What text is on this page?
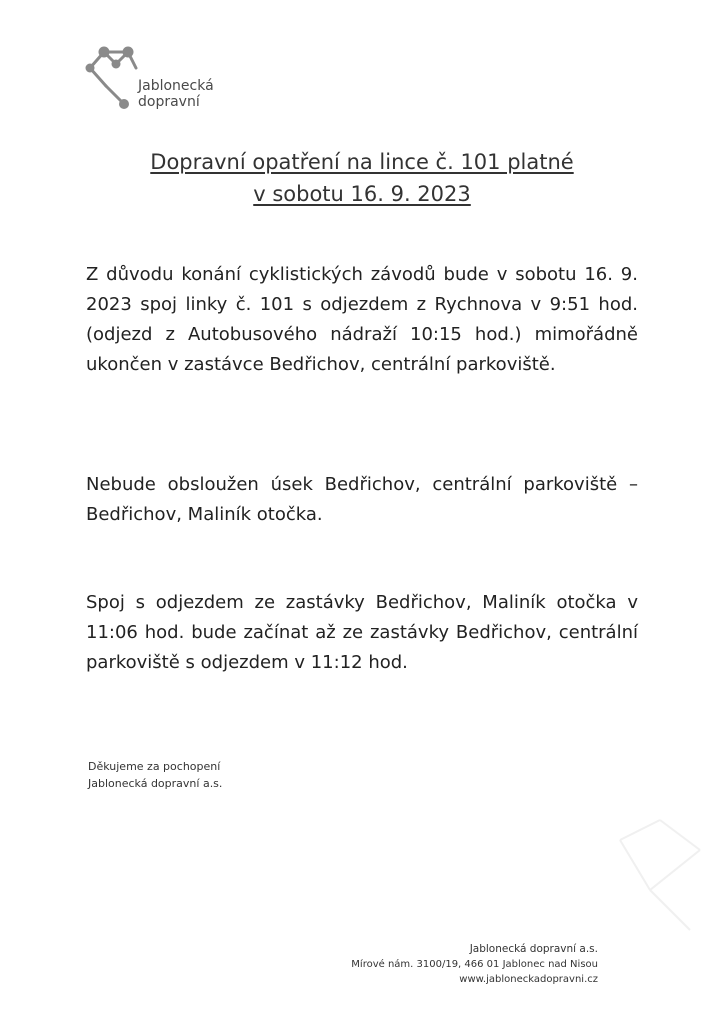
Jablonecká
dopravní
Dopravní opatření na lince č. 101 platné
v sobotu 16. 9. 2023
Z důvodu konání cyklistických závodů bude v sobotu 16. 9. 2023 spoj linky č. 101 s odjezdem z Rychnova v 9:51 hod. (odjezd z Autobusového nádraží 10:15 hod.) mimořádně ukončen v zastávce Bedřichov, centrální parkoviště.
Nebude obsloužen úsek Bedřichov, centrální parkoviště – Bedřichov, Maliník otočka.
Spoj s odjezdem ze zastávky Bedřichov, Maliník otočka v 11:06 hod. bude začínat až ze zastávky Bedřichov, centrální parkoviště s odjezdem v 11:12 hod.
Děkujeme za pochopení
Jablonecká dopravní a.s.
Jablonecká dopravní a.s.
Mírové nám. 3100/19, 466 01 Jablonec nad Nisou
www.jabloneckadopravni.cz
